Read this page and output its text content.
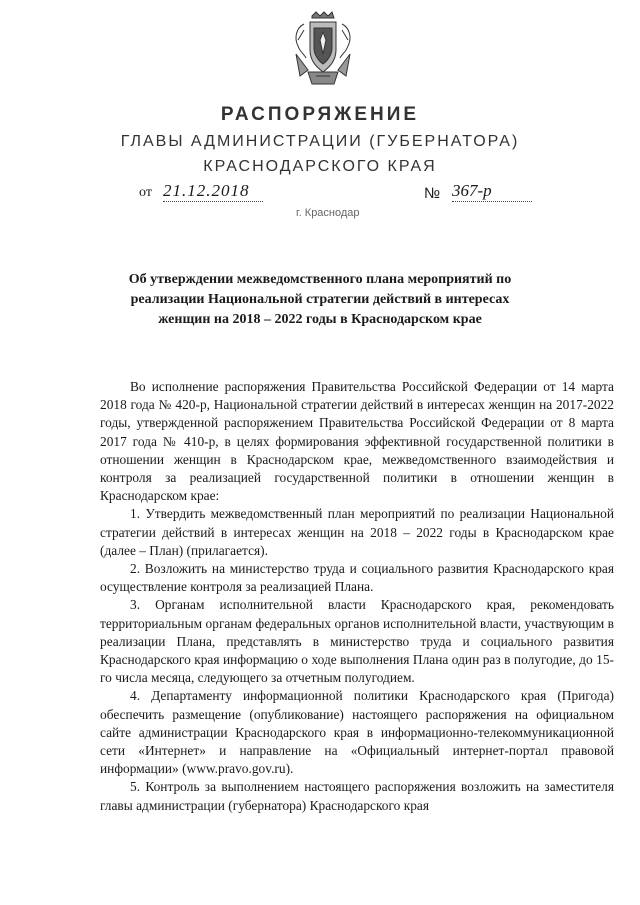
РАСПОРЯЖЕНИЕ
ГЛАВЫ АДМИНИСТРАЦИИ (ГУБЕРНАТОРА)
КРАСНОДАРСКОГО КРАЯ
от 21.12.2018	№ 367-р
г. Краснодар
Об утверждении межведомственного плана мероприятий по реализации Национальной стратегии действий в интересах женщин на 2018 – 2022 годы в Краснодарском крае

Во исполнение распоряжения Правительства Российской Федерации от 14 марта 2018 года № 420-р, Национальной стратегии действий в интересах женщин на 2017-2022 годы, утвержденной распоряжением Правительства Российской Федерации от 8 марта 2017 года № 410-р, в целях формирования эффективной государственной политики в отношении женщин в Краснодарском крае, межведомственного взаимодействия и контроля за реализацией государственной политики в отношении женщин в Краснодарском крае:

1. Утвердить межведомственный план мероприятий по реализации Национальной стратегии действий в интересах женщин на 2018 – 2022 годы в Краснодарском крае (далее – План) (прилагается).

2. Возложить на министерство труда и социального развития Краснодарского края осуществление контроля за реализацией Плана.

3. Органам исполнительной власти Краснодарского края, рекомендовать территориальным органам федеральных органов исполнительной власти, участвующим в реализации Плана, представлять в министерство труда и социального развития Краснодарского края информацию о ходе выполнения Плана один раз в полугодие, до 15-го числа месяца, следующего за отчетным полугодием.

4. Департаменту информационной политики Краснодарского края (Пригода) обеспечить размещение (опубликование) настоящего распоряжения на официальном сайте администрации Краснодарского края в информационно-телекоммуникационной сети «Интернет» и направление на «Официальный интернет-портал правовой информации» (www.pravo.gov.ru).

5. Контроль за выполнением настоящего распоряжения возложить на заместителя главы администрации (губернатора) Краснодарского края
